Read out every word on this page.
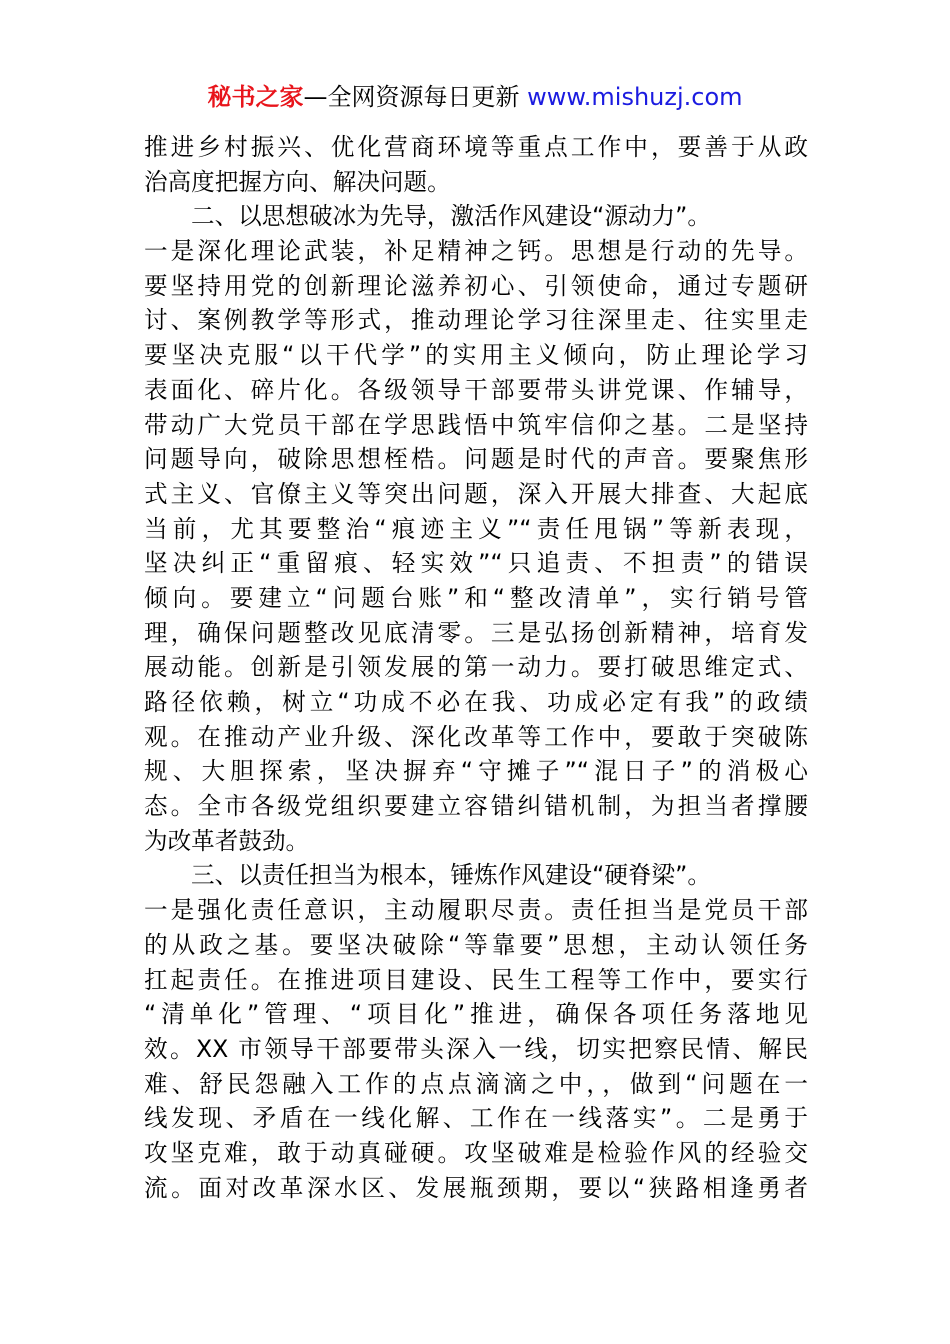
秘书之家—全网资源每日更新 www.mishuzj.com
推进乡村振兴、优化营商环境等重点工作中，要善于从政
治高度把握方向、解决问题。
二、以思想破冰为先导，激活作风建设“源动力”。
一是深化理论武装，补足精神之钙。思想是行动的先导。
要坚持用党的创新理论滋养初心、引领使命，通过专题研
讨、案例教学等形式，推动理论学习往深里走、往实里走
要坚决克服“以干代学”的实用主义倾向，防止理论学习
表面化、碎片化。各级领导干部要带头讲党课、作辅导，
带动广大党员干部在学思践悟中筑牢信仰之基。二是坚持
问题导向，破除思想桎梏。问题是时代的声音。要聚焦形
式主义、官僚主义等突出问题，深入开展大排查、大起底
当前，尤其要整治“痕迹主义”“责任甩锅”等新表现，
坚决纠正“重留痕、轻实效”“只追责、不担责”的错误
倾向。要建立“问题台账”和“整改清单”，实行销号管
理，确保问题整改见底清零。三是弘扬创新精神，培育发
展动能。创新是引领发展的第一动力。要打破思维定式、
路径依赖，树立“功成不必在我、功成必定有我”的政绩
观。在推动产业升级、深化改革等工作中，要敢于突破陈
规、大胆探索，坚决摒弃“守摊子”“混日子”的消极心
态。全市各级党组织要建立容错纠错机制，为担当者撑腰
为改革者鼓劲。
三、以责任担当为根本，锤炼作风建设“硬脊梁”。
一是强化责任意识，主动履职尽责。责任担当是党员干部
的从政之基。要坚决破除“等靠要”思想，主动认领任务
扛起责任。在推进项目建设、民生工程等工作中，要实行
“清单化”管理、“项目化”推进，确保各项任务落地见
效。XX 市领导干部要带头深入一线，切实把察民情、解民
难、舒民怨融入工作的点点滴滴之中，，做到“问题在一
线发现、矛盾在一线化解、工作在一线落实”。二是勇于
攻坚克难，敢于动真碰硬。攻坚破难是检验作风的经验交
流。面对改革深水区、发展瓶颈期，要以“狭路相逢勇者
